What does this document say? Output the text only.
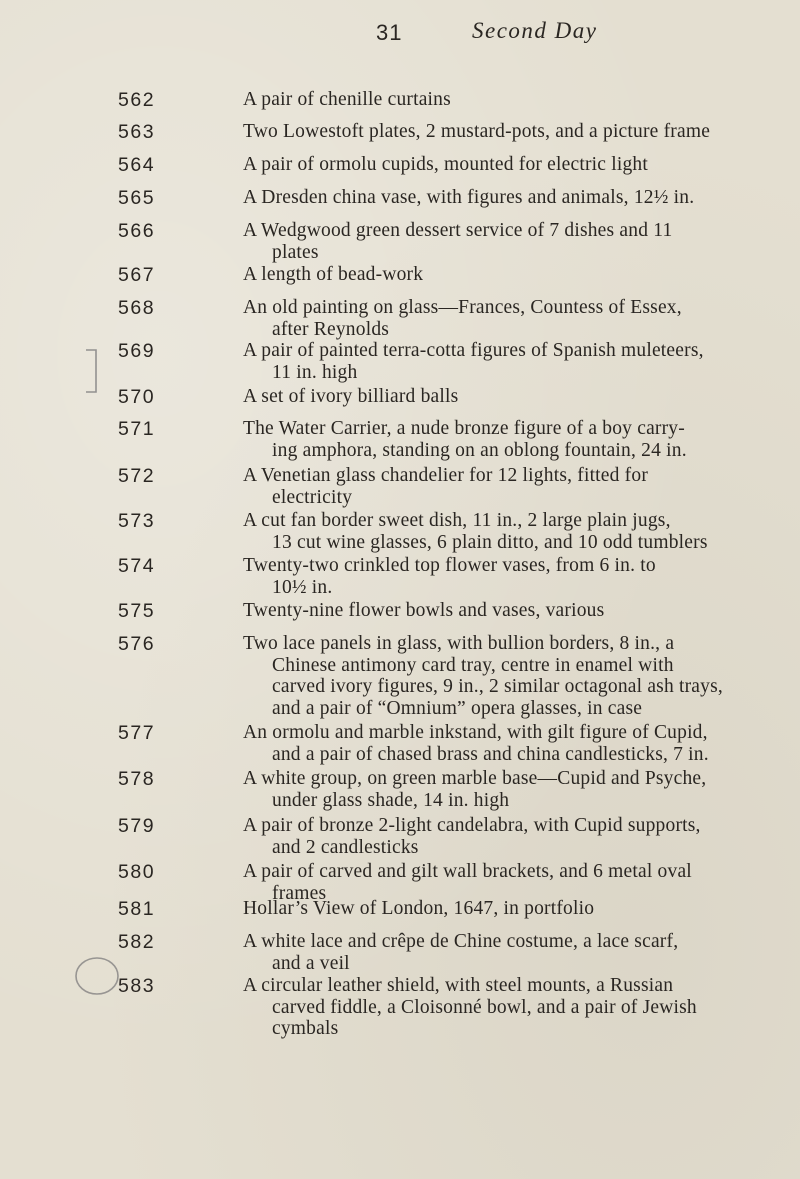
31	Second Day
562	A pair of chenille curtains
563	Two Lowestoft plates, 2 mustard-pots, and a picture frame
564	A pair of ormolu cupids, mounted for electric light
565	A Dresden china vase, with figures and animals, 12½ in.
566	A Wedgwood green dessert service of 7 dishes and 11
plates
567	A length of bead-work
568	An old painting on glass—Frances, Countess of Essex,
after Reynolds
569	A pair of painted terra-cotta figures of Spanish muleteers,
11 in. high
570	A set of ivory billiard balls
571	The Water Carrier, a nude bronze figure of a boy carry-
ing amphora, standing on an oblong fountain, 24 in.
572	A Venetian glass chandelier for 12 lights, fitted for
electricity
573	A cut fan border sweet dish, 11 in., 2 large plain jugs,
13 cut wine glasses, 6 plain ditto, and 10 odd tumblers
574	Twenty-two crinkled top flower vases, from 6 in. to
10½ in.
575	Twenty-nine flower bowls and vases, various
576	Two lace panels in glass, with bullion borders, 8 in., a
Chinese antimony card tray, centre in enamel with
carved ivory figures, 9 in., 2 similar octagonal ash trays,
and a pair of “Omnium” opera glasses, in case
577	An ormolu and marble inkstand, with gilt figure of Cupid,
and a pair of chased brass and china candlesticks, 7 in.
578	A white group, on green marble base—Cupid and Psyche,
under glass shade, 14 in. high
579	A pair of bronze 2-light candelabra, with Cupid supports,
and 2 candlesticks
580	A pair of carved and gilt wall brackets, and 6 metal oval
frames
581	Hollar’s View of London, 1647, in portfolio
582	A white lace and crêpe de Chine costume, a lace scarf,
and a veil
583	A circular leather shield, with steel mounts, a Russian
carved fiddle, a Cloisonné bowl, and a pair of Jewish
cymbals
